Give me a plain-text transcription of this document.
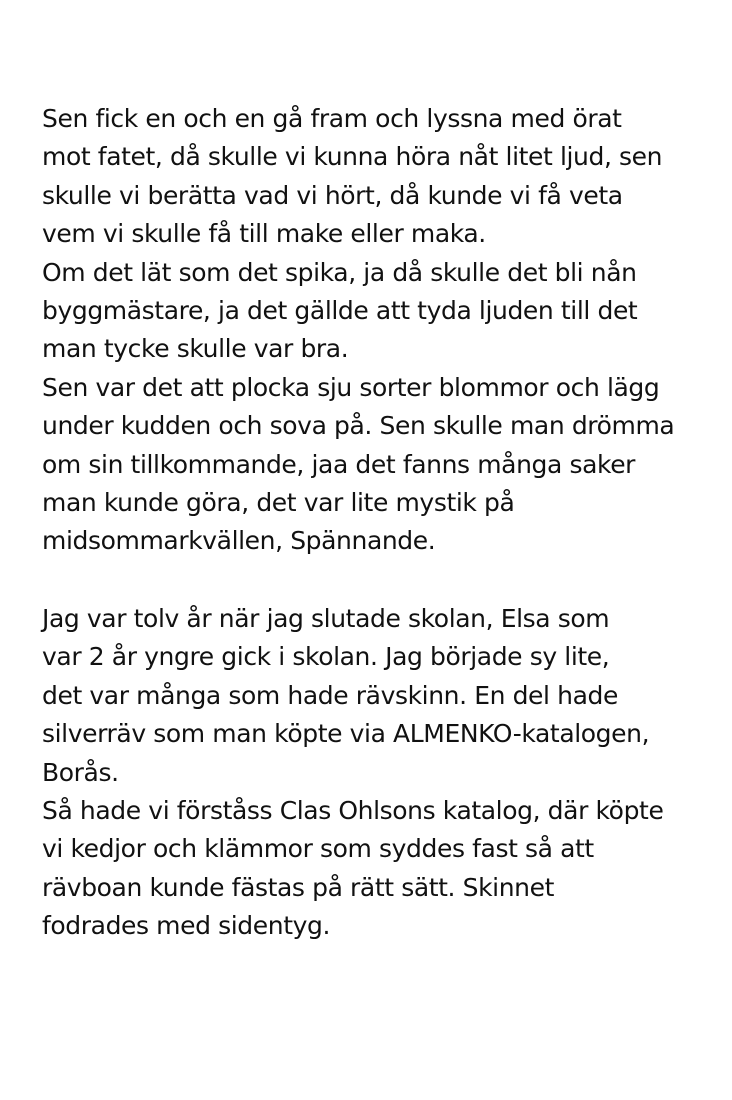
Sen fick en och en gå fram och lyssna med örat
mot fatet, då skulle vi kunna höra nåt litet ljud, sen
skulle vi berätta vad vi hört, då kunde vi få veta
vem vi skulle få till make eller maka.
Om det lät som det spika, ja då skulle det bli nån
byggmästare, ja det gällde att tyda ljuden till det
man tycke skulle var bra.
Sen var det att plocka sju sorter blommor och lägg
under kudden och sova på. Sen skulle man drömma
om sin tillkommande, jaa det fanns många saker
man kunde göra, det var lite mystik på
midsommarkvällen, Spännande.
Jag var tolv år när jag slutade skolan, Elsa som
var 2 år yngre gick i skolan. Jag började sy lite,
det var många som hade rävskinn. En del hade
silverräv som man köpte via ALMENKO-katalogen,
Borås.
Så hade vi förståss Clas Ohlsons katalog, där köpte
vi kedjor och klämmor som syddes fast så att
rävboan kunde fästas på rätt sätt. Skinnet
fodrades med sidentyg.
